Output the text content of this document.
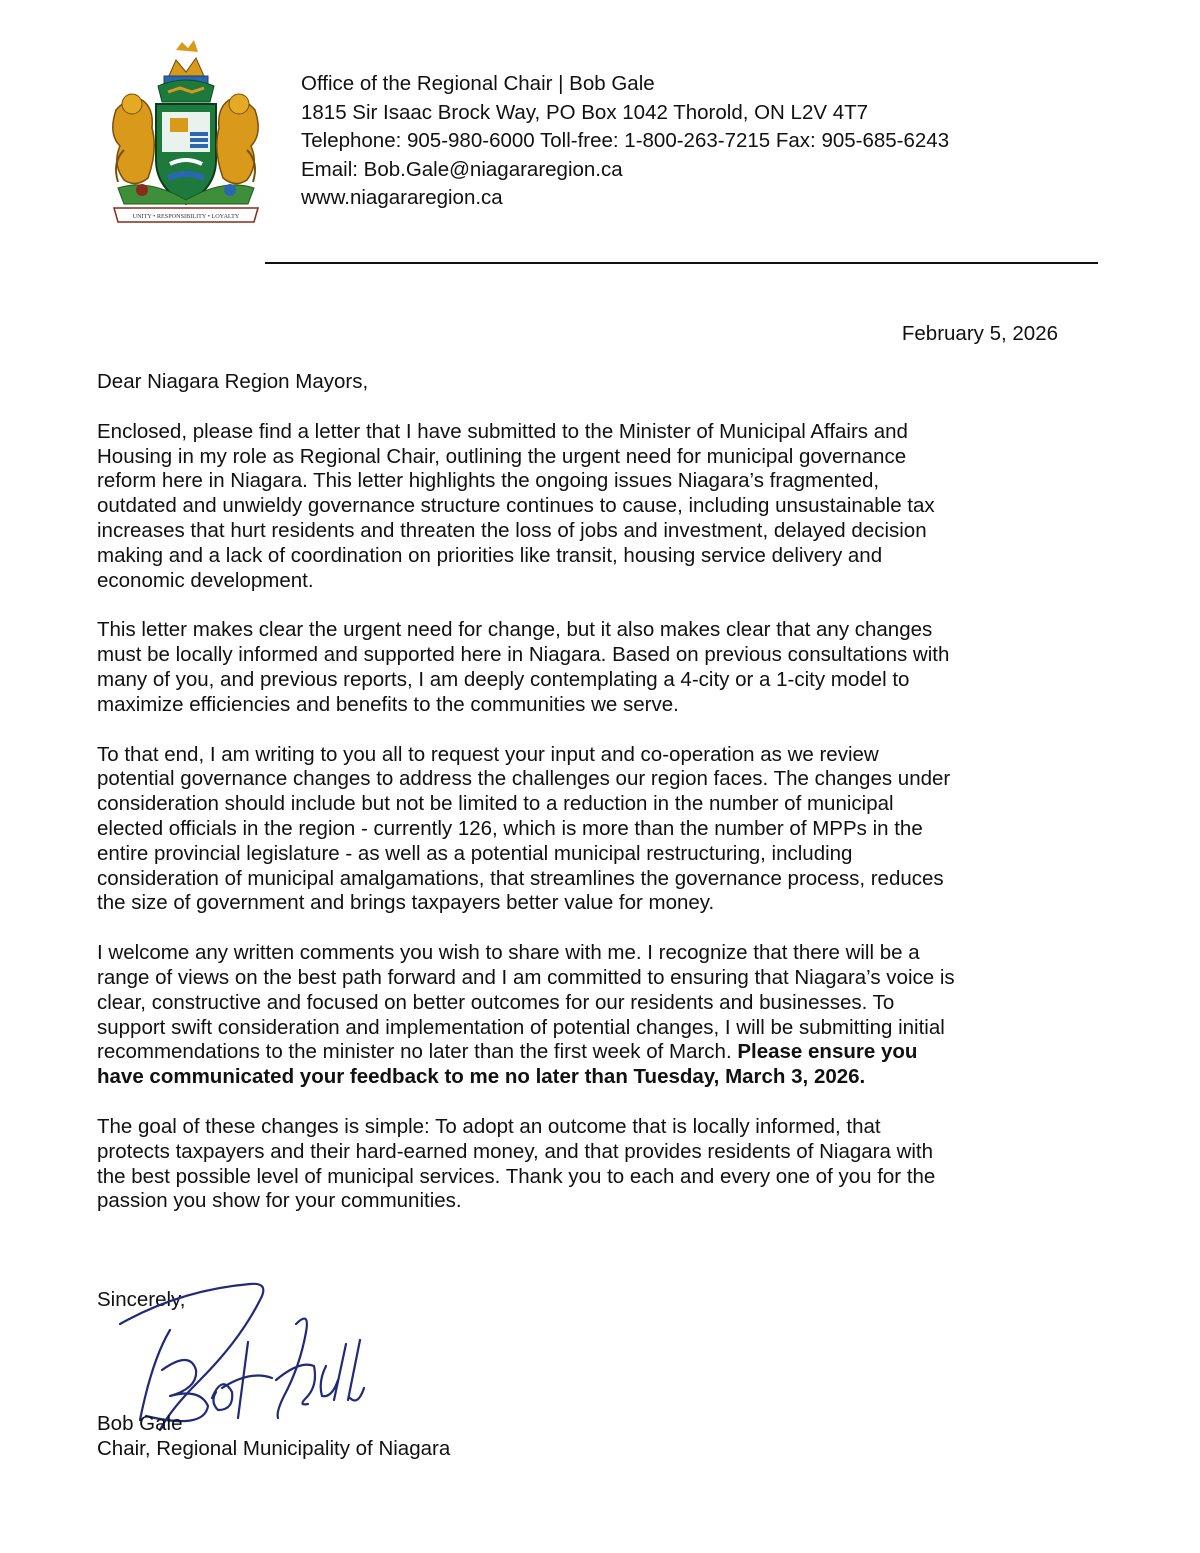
UNITY • RESPONSIBILITY • LOYALTY
Office of the Regional Chair | Bob Gale
1815 Sir Isaac Brock Way, PO Box 1042 Thorold, ON L2V 4T7
Telephone: 905-980-6000 Toll-free: 1-800-263-7215 Fax: 905-685-6243
Email: Bob.Gale@niagararegion.ca
www.niagararegion.ca
February 5, 2026

Dear Niagara Region Mayors,

Enclosed, please find a letter that I have submitted to the Minister of Municipal Affairs and Housing in my role as Regional Chair, outlining the urgent need for municipal governance reform here in Niagara. This letter highlights the ongoing issues Niagara’s fragmented, outdated and unwieldy governance structure continues to cause, including unsustainable tax increases that hurt residents and threaten the loss of jobs and investment, delayed decision making and a lack of coordination on priorities like transit, housing service delivery and economic development.

This letter makes clear the urgent need for change, but it also makes clear that any changes must be locally informed and supported here in Niagara. Based on previous consultations with many of you, and previous reports, I am deeply contemplating a 4-city or a 1-city model to maximize efficiencies and benefits to the communities we serve.

To that end, I am writing to you all to request your input and co-operation as we review potential governance changes to address the challenges our region faces. The changes under consideration should include but not be limited to a reduction in the number of municipal elected officials in the region - currently 126, which is more than the number of MPPs in the entire provincial legislature - as well as a potential municipal restructuring, including consideration of municipal amalgamations, that streamlines the governance process, reduces the size of government and brings taxpayers better value for money.

I welcome any written comments you wish to share with me. I recognize that there will be a range of views on the best path forward and I am committed to ensuring that Niagara’s voice is clear, constructive and focused on better outcomes for our residents and businesses. To support swift consideration and implementation of potential changes, I will be submitting initial recommendations to the minister no later than the first week of March. Please ensure you have communicated your feedback to me no later than Tuesday, March 3, 2026.

The goal of these changes is simple: To adopt an outcome that is locally informed, that protects taxpayers and their hard-earned money, and that provides residents of Niagara with the best possible level of municipal services. Thank you to each and every one of you for the passion you show for your communities.

Sincerely,
Bob Gale
Chair, Regional Municipality of Niagara
